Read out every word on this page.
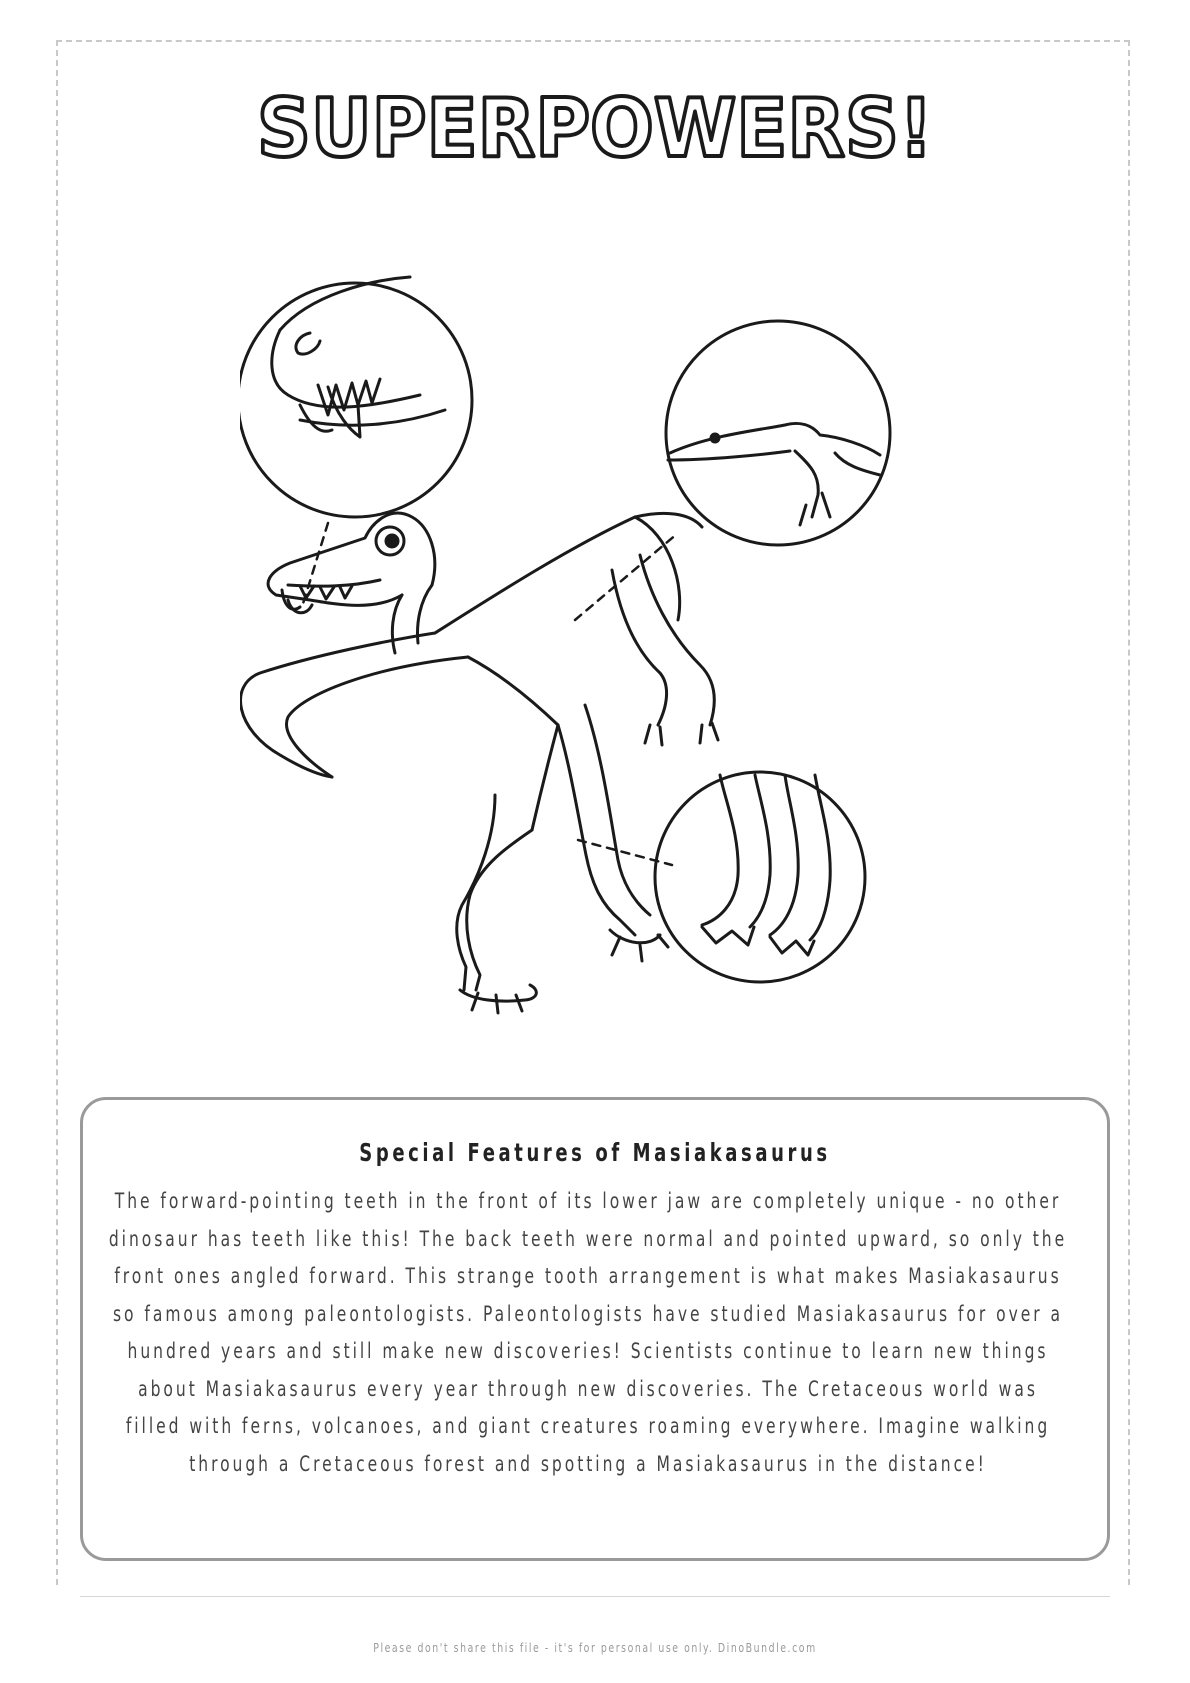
SUPERPOWERS!
Special Features of Masiakasaurus

The forward-pointing teeth in the front of its lower jaw are completely unique - no other dinosaur has teeth like this! The back teeth were normal and pointed upward, so only the front ones angled forward. This strange tooth arrangement is what makes Masiakasaurus so famous among paleontologists. Paleontologists have studied Masiakasaurus for over a hundred years and still make new discoveries! Scientists continue to learn new things about Masiakasaurus every year through new discoveries. The Cretaceous world was filled with ferns, volcanoes, and giant creatures roaming everywhere. Imagine walking through a Cretaceous forest and spotting a Masiakasaurus in the distance!

Please don't share this file - it's for personal use only. DinoBundle.com
